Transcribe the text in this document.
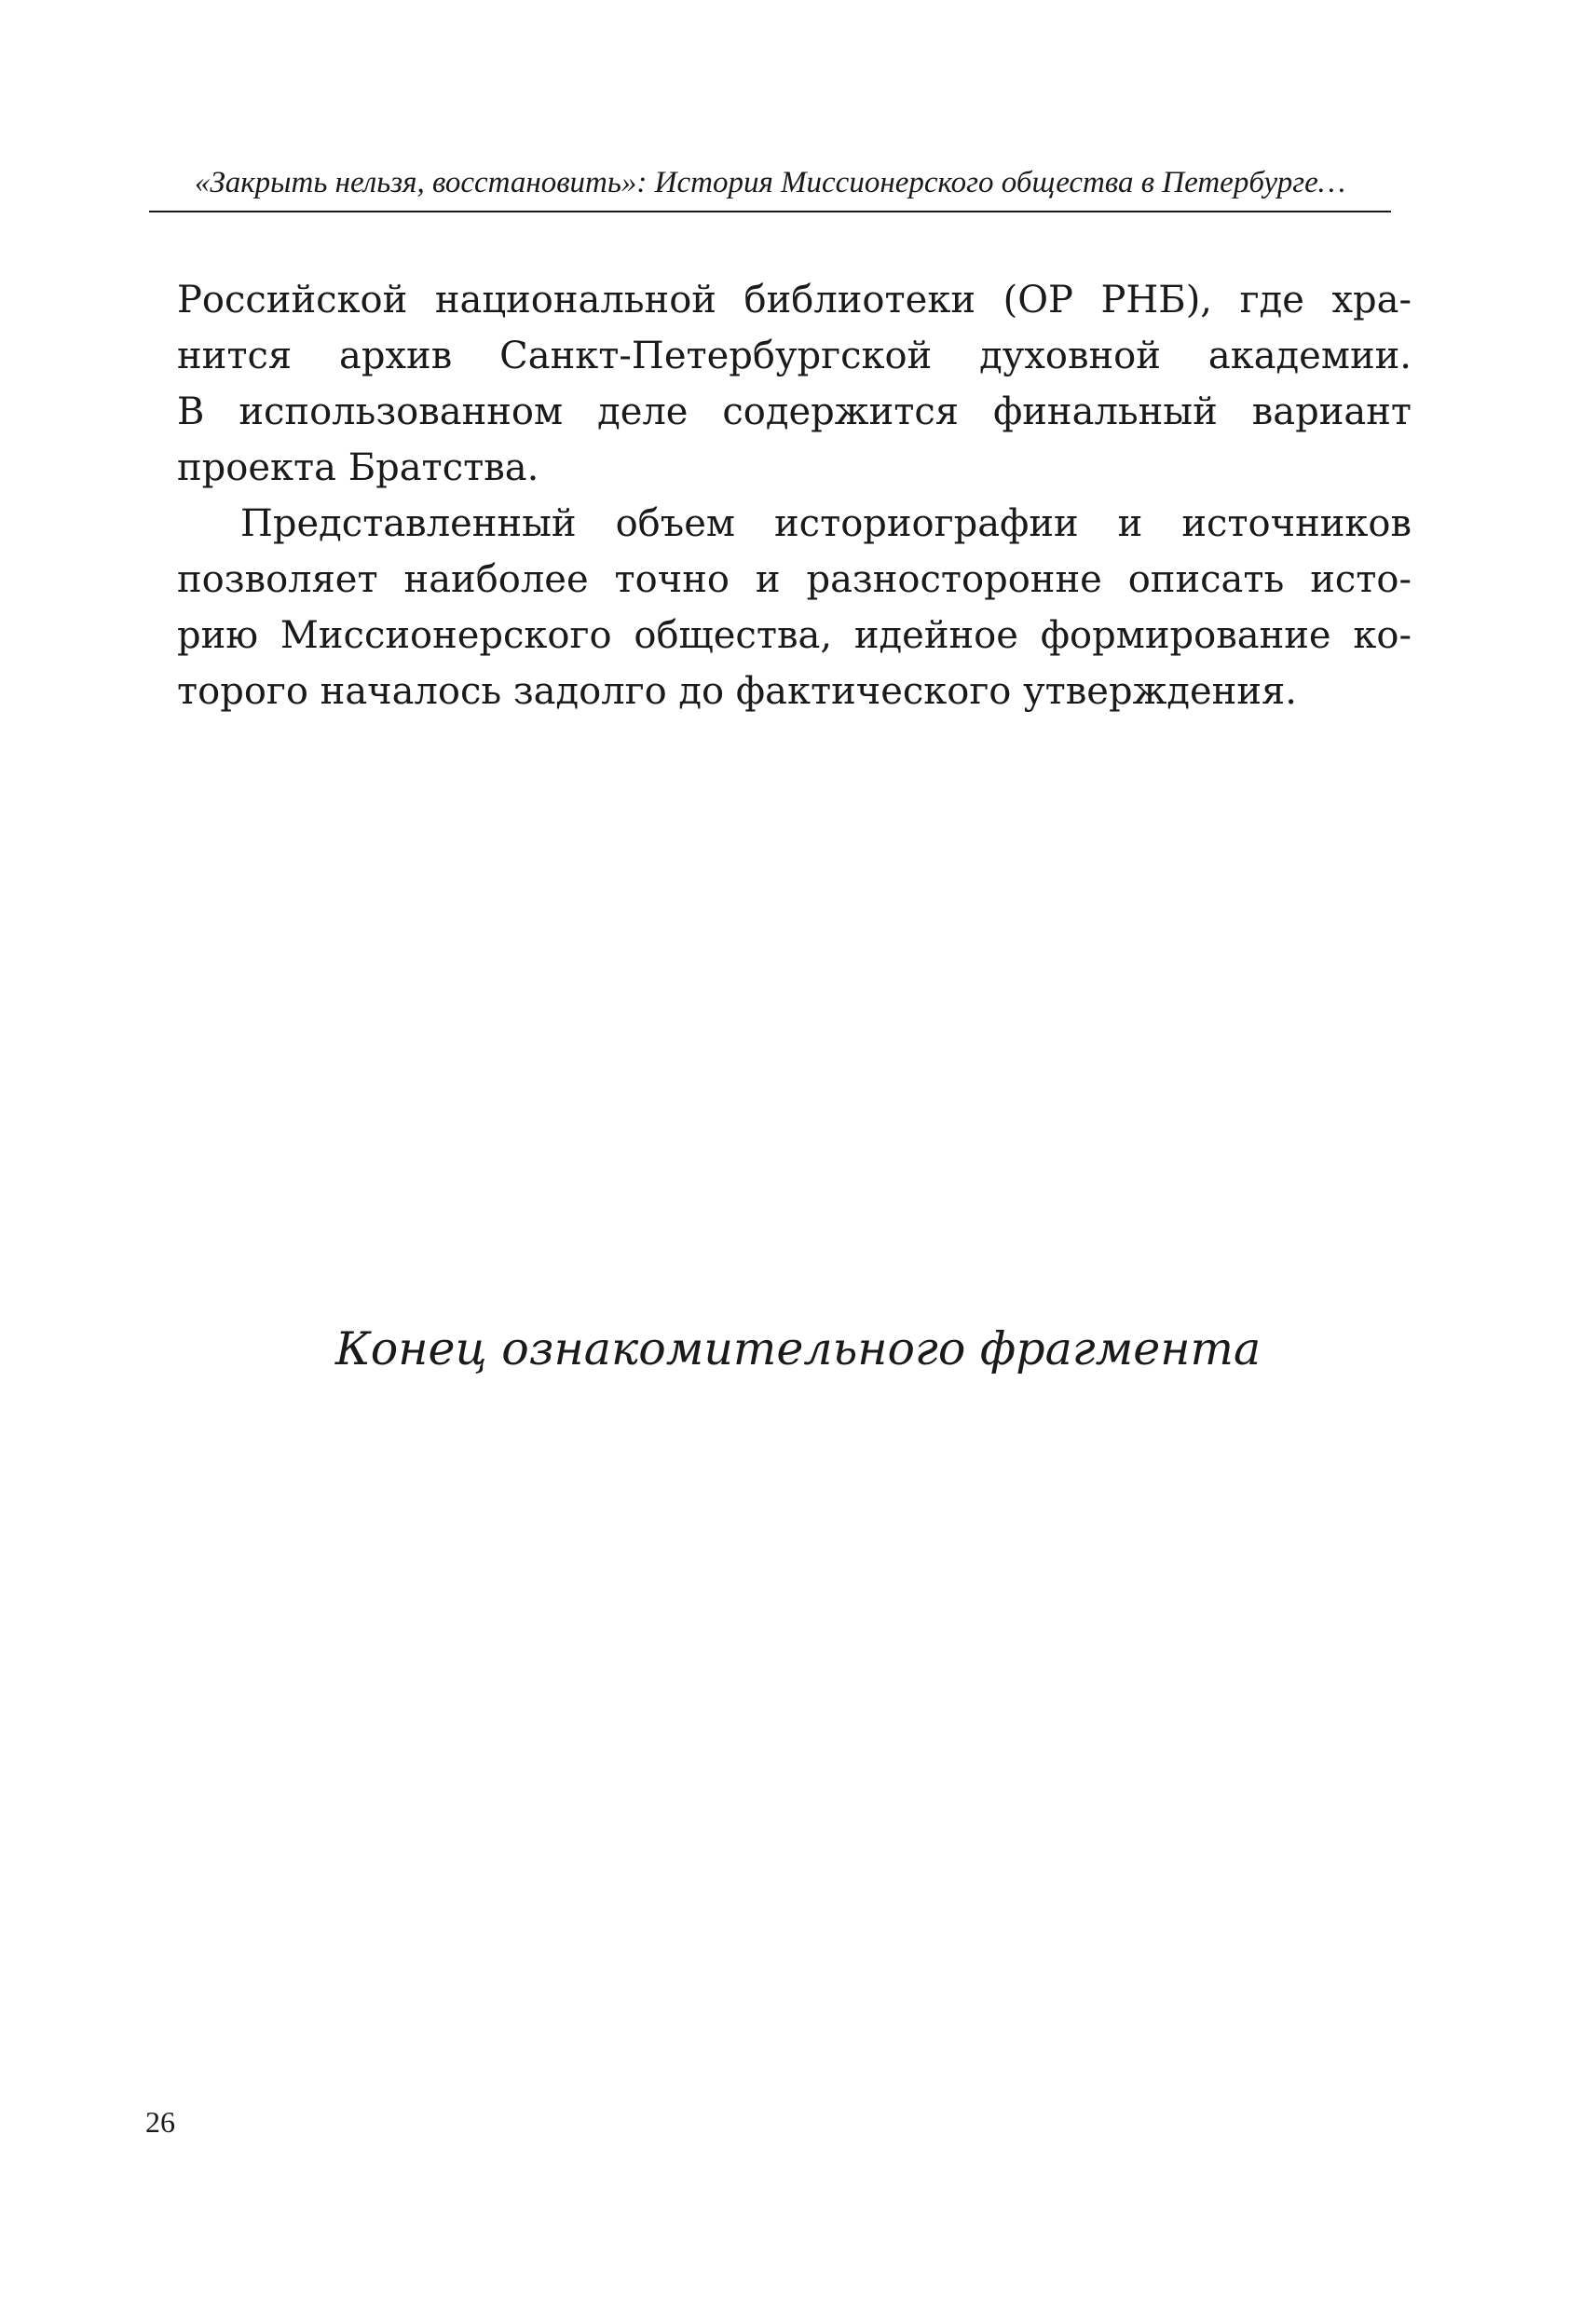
«Закрыть нельзя, восстановить»: История Миссионерского общества в Петербурге…
Российской национальной библиотеки (ОР РНБ), где хра-
нится архив Санкт-Петербургской духовной академии.
В использованном деле содержится финальный вариант
проекта Братства.
Представленный объем историографии и источников
позволяет наиболее точно и разносторонне описать исто-
рию Миссионерского общества, идейное формирование ко-
торого началось задолго до фактического утверждения.
Конец ознакомительного фрагмента
26
